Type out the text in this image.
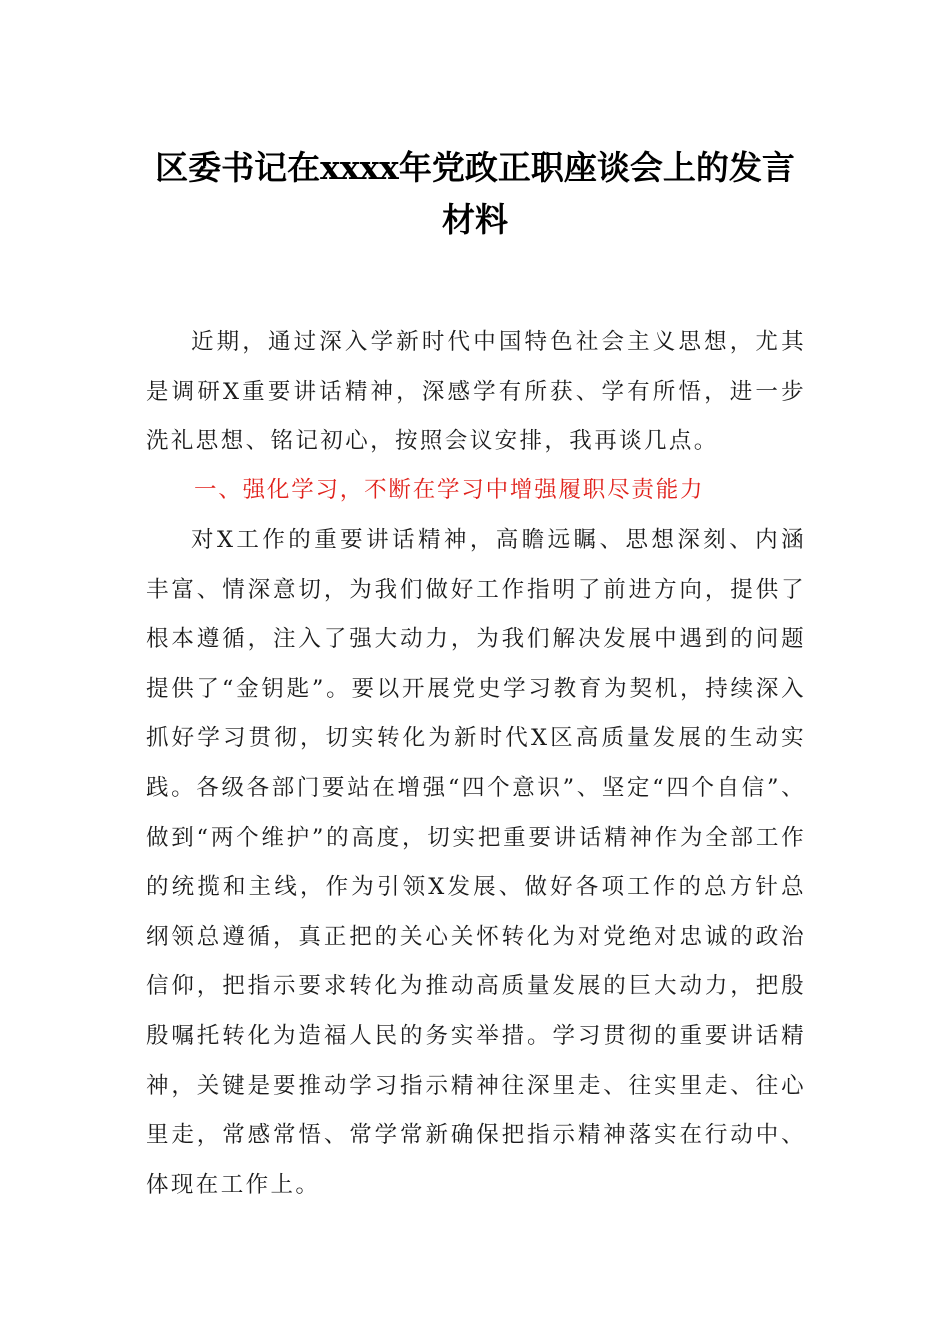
区委书记在xxxx年党政正职座谈会上的发言材料

近期，通过深入学新时代中国特色社会主义思想，尤其是调研X重要讲话精神，深感学有所获、学有所悟，进一步洗礼思想、铭记初心，按照会议安排，我再谈几点。

一、强化学习，不断在学习中增强履职尽责能力

对X工作的重要讲话精神，高瞻远瞩、思想深刻、内涵丰富、情深意切，为我们做好工作指明了前进方向，提供了根本遵循，注入了强大动力，为我们解决发展中遇到的问题提供了“金钥匙”。要以开展党史学习教育为契机，持续深入抓好学习贯彻，切实转化为新时代X区高质量发展的生动实践。各级各部门要站在增强“四个意识”、坚定“四个自信”、做到“两个维护”的高度，切实把重要讲话精神作为全部工作的统揽和主线，作为引领X发展、做好各项工作的总方针总纲领总遵循，真正把的关心关怀转化为对党绝对忠诚的政治信仰，把指示要求转化为推动高质量发展的巨大动力，把殷殷嘱托转化为造福人民的务实举措。学习贯彻的重要讲话精神，关键是要推动学习指示精神往深里走、往实里走、往心里走，常感常悟、常学常新确保把指示精神落实在行动中、体现在工作上。
